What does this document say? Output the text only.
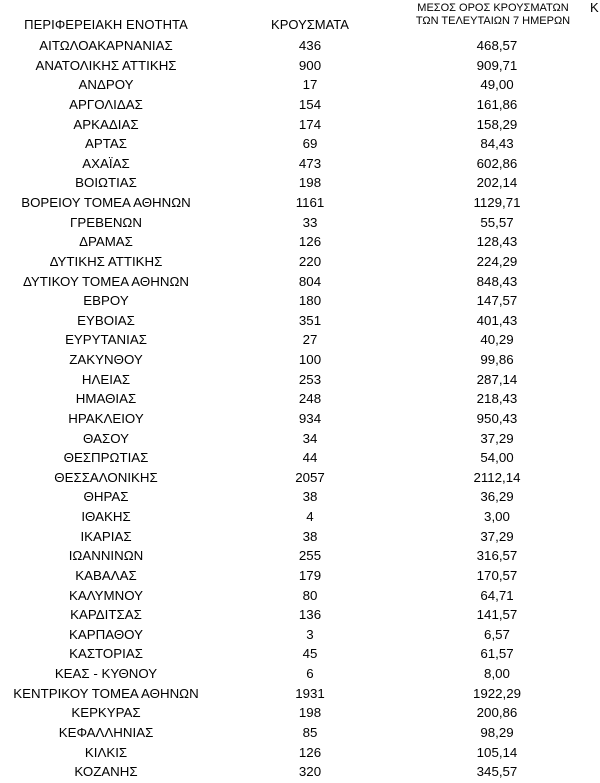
ΠΕΡΙΦΕΡΕΙΑΚΗ ΕΝΟΤΗΤΑ	ΚΡΟΥΣΜΑΤΑ
ΜΕΣΟΣ ΟΡΟΣ ΚΡΟΥΣΜΑΤΩΝ
ΤΩΝ ΤΕΛΕΥΤΑΙΩΝ 7 ΗΜΕΡΩΝ
Κ
ΑΙΤΩΛΟΑΚΑΡΝΑΝΙΑΣ	436	468,57
ΑΝΑΤΟΛΙΚΗΣ ΑΤΤΙΚΗΣ	900	909,71
ΑΝΔΡΟΥ	17	49,00
ΑΡΓΟΛΙΔΑΣ	154	161,86
ΑΡΚΑΔΙΑΣ	174	158,29
ΑΡΤΑΣ	69	84,43
ΑΧΑΪΑΣ	473	602,86
ΒΟΙΩΤΙΑΣ	198	202,14
ΒΟΡΕΙΟΥ ΤΟΜΕΑ ΑΘΗΝΩΝ	1161	1129,71
ΓΡΕΒΕΝΩΝ	33	55,57
ΔΡΑΜΑΣ	126	128,43
ΔΥΤΙΚΗΣ ΑΤΤΙΚΗΣ	220	224,29
ΔΥΤΙΚΟΥ ΤΟΜΕΑ ΑΘΗΝΩΝ	804	848,43
ΕΒΡΟΥ	180	147,57
ΕΥΒΟΙΑΣ	351	401,43
ΕΥΡΥΤΑΝΙΑΣ	27	40,29
ΖΑΚΥΝΘΟΥ	100	99,86
ΗΛΕΙΑΣ	253	287,14
ΗΜΑΘΙΑΣ	248	218,43
ΗΡΑΚΛΕΙΟΥ	934	950,43
ΘΑΣΟΥ	34	37,29
ΘΕΣΠΡΩΤΙΑΣ	44	54,00
ΘΕΣΣΑΛΟΝΙΚΗΣ	2057	2112,14
ΘΗΡΑΣ	38	36,29
ΙΘΑΚΗΣ	4	3,00
ΙΚΑΡΙΑΣ	38	37,29
ΙΩΑΝΝΙΝΩΝ	255	316,57
ΚΑΒΑΛΑΣ	179	170,57
ΚΑΛΥΜΝΟΥ	80	64,71
ΚΑΡΔΙΤΣΑΣ	136	141,57
ΚΑΡΠΑΘΟΥ	3	6,57
ΚΑΣΤΟΡΙΑΣ	45	61,57
ΚΕΑΣ - ΚΥΘΝΟΥ	6	8,00
ΚΕΝΤΡΙΚΟΥ ΤΟΜΕΑ ΑΘΗΝΩΝ	1931	1922,29
ΚΕΡΚΥΡΑΣ	198	200,86
ΚΕΦΑΛΛΗΝΙΑΣ	85	98,29
ΚΙΛΚΙΣ	126	105,14
ΚΟΖΑΝΗΣ	320	345,57
